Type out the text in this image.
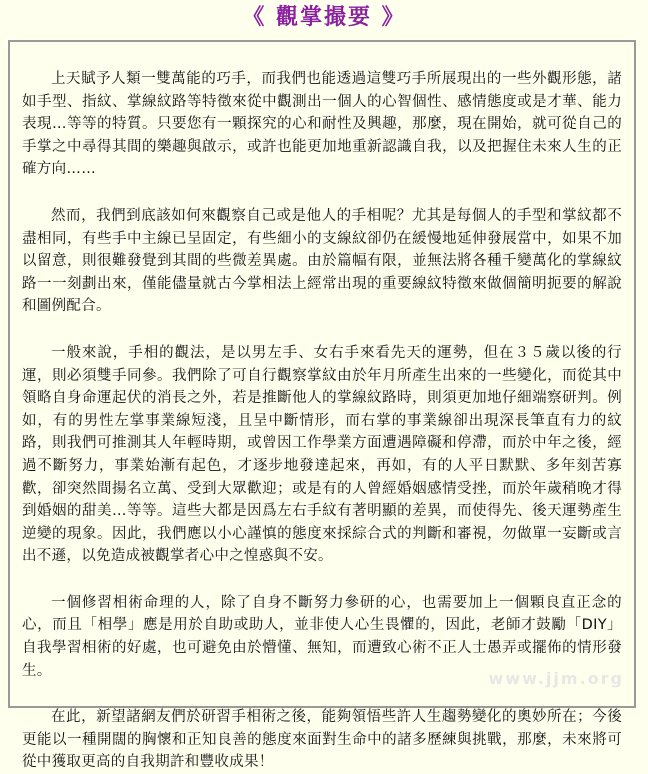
《 觀掌撮要 》

上天賦予人類一雙萬能的巧手，而我們也能透過這雙巧手所展現出的一些外觀形態，諸如手型、指紋、掌線紋路等特徵來從中觀測出一個人的心智個性、感情態度或是才華、能力表現…等等的特質。只要您有一顆探究的心和耐性及興趣，那麼，現在開始，就可從自己的手掌之中尋得其間的樂趣與啟示，或許也能更加地重新認識自我，以及把握住未來人生的正確方向……

然而，我們到底該如何來觀察自己或是他人的手相呢？尤其是每個人的手型和掌紋都不盡相同，有些手中主線已呈固定，有些細小的支線紋卻仍在緩慢地延伸發展當中，如果不加以留意，則很難發覺到其間的些微差異處。由於篇幅有限，並無法將各種千變萬化的掌線紋路一一刻劃出來，僅能儘量就古今掌相法上經常出現的重要線紋特徵來做個簡明扼要的解說和圖例配合。

一般來說，手相的觀法，是以男左手、女右手來看先天的運勢，但在３５歲以後的行運，則必須雙手同參。我們除了可自行觀察掌紋由於年月所產生出來的一些變化，而從其中領略自身命運起伏的消長之外，若是推斷他人的掌線紋路時，則須更加地仔細端察研判。例如，有的男性左掌事業線短淺，且呈中斷情形，而右掌的事業線卻出現深長筆直有力的紋路，則我們可推測其人年輕時期，或曾因工作學業方面遭遇障礙和停滯，而於中年之後，經過不斷努力，事業始漸有起色，才逐步地發達起來，再如，有的人平日默默、多年刻苦寡歡，卻突然間揚名立萬、受到大眾歡迎；或是有的人曾經婚姻感情受挫，而於年歲稍晚才得到婚姻的甜美…等等。這些大都是因爲左右手紋有著明顯的差異，而使得先、後天運勢產生逆變的現象。因此，我們應以小心謹慎的態度來採綜合式的判斷和審視，勿做單一妄斷或言出不遜，以免造成被觀掌者心中之惶惑與不安。

一個修習相術命理的人，除了自身不斷努力參研的心，也需要加上一個顆良直正念的心，而且「相學」應是用於自助或助人，並非使人心生畏懼的，因此，老師才鼓勵「DIY」自我學習相術的好處，也可避免由於懵懂、無知，而遭致心術不正人士愚弄或擺佈的情形發生。

在此，新望諸網友們於研習手相術之後，能夠領悟些許人生趨勢變化的奧妙所在；今後更能以一種開闊的胸懷和正知良善的態度來面對生命中的諸多歷練與挑戰，那麼，未來將可從中獲取更高的自我期許和豐收成果！

www.jjm.org
